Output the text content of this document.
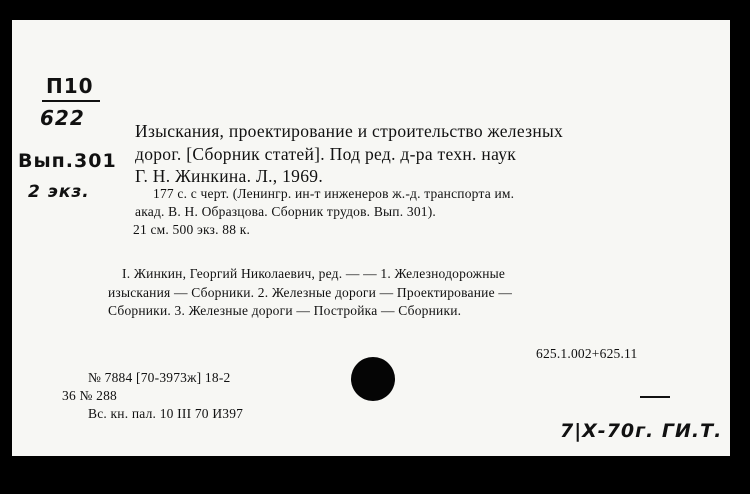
П10
622
Вып.301
2 экз.
7|Х-70г. ГИ.Т.
Изыскания, проектирование и строительство железных
дорог. [Сборник статей]. Под ред. д-ра техн. наук
Г. Н. Жинкина. Л., 1969.
177 с. с черт. (Ленингр. ин-т инженеров ж.-д. транспорта им.
акад. В. Н. Образцова. Сборник трудов. Вып. 301).
21 см. 500 экз. 88 к.
I. Жинкин, Георгий Николаевич, ред. — — 1. Железнодорожные
изыскания — Сборники. 2. Железные дороги — Проектирование —
Сборники. 3. Железные дороги — Постройка — Сборники.
625.1.002+625.11
№ 7884 [70-3973ж] 18-2
36 № 288
Вс. кн. пал. 10 III 70 И397
